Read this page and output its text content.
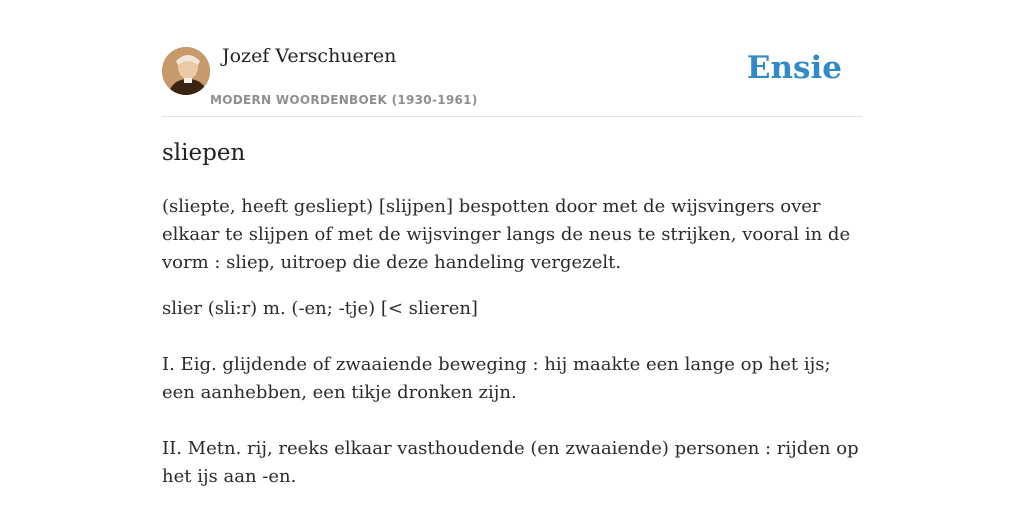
Jozef Verschueren
MODERN WOORDENBOEK (1930-1961)
Ensie
sliepen

(sliepte, heeft gesliept) [slijpen] bespotten door met de wijsvingers over elkaar te slijpen of met de wijsvinger langs de neus te strijken, vooral in de vorm : sliep, uitroep die deze handeling vergezelt.

slier (sli:r) m. (-en; -tje) [< slieren]

I. Eig. glijdende of zwaaiende beweging : hij maakte een lange op het ijs; een aanhebben, een tikje dronken zijn.

II. Metn. rij, reeks elkaar vasthoudende (en zwaaiende) personen : rijden op het ijs aan -en.
